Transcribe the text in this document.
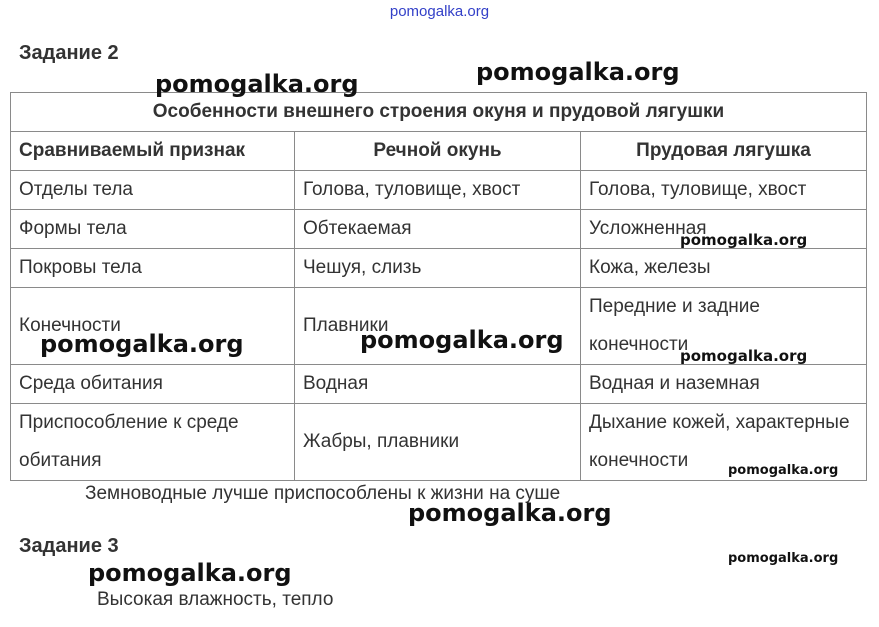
pomogalka.org
Задание 2
Особенности внешнего строения окуня и прудовой лягушки		
Сравниваемый признак	Речной окунь	Прудовая лягушка
Отделы тела	Голова, туловище, хвост	Голова, туловище, хвост
Формы тела	Обтекаемая	Усложненная
Покровы тела	Чешуя, слизь	Кожа, железы
Конечности	Плавники	Передние и задние конечности

Среда обитания	Водная	Водная и наземная

Приспособление к среде обитания	Жабры, плавники	Дыхание кожей, характерные конечности
Земноводные лучше приспособлены к жизни на суше
Задание 3
Высокая влажность, тепло
pomogalka.org	pomogalka.org
pomogalka.org
pomogalka.org	pomogalka.org
pomogalka.org
pomogalka.org
pomogalka.org
pomogalka.org
pomogalka.org
